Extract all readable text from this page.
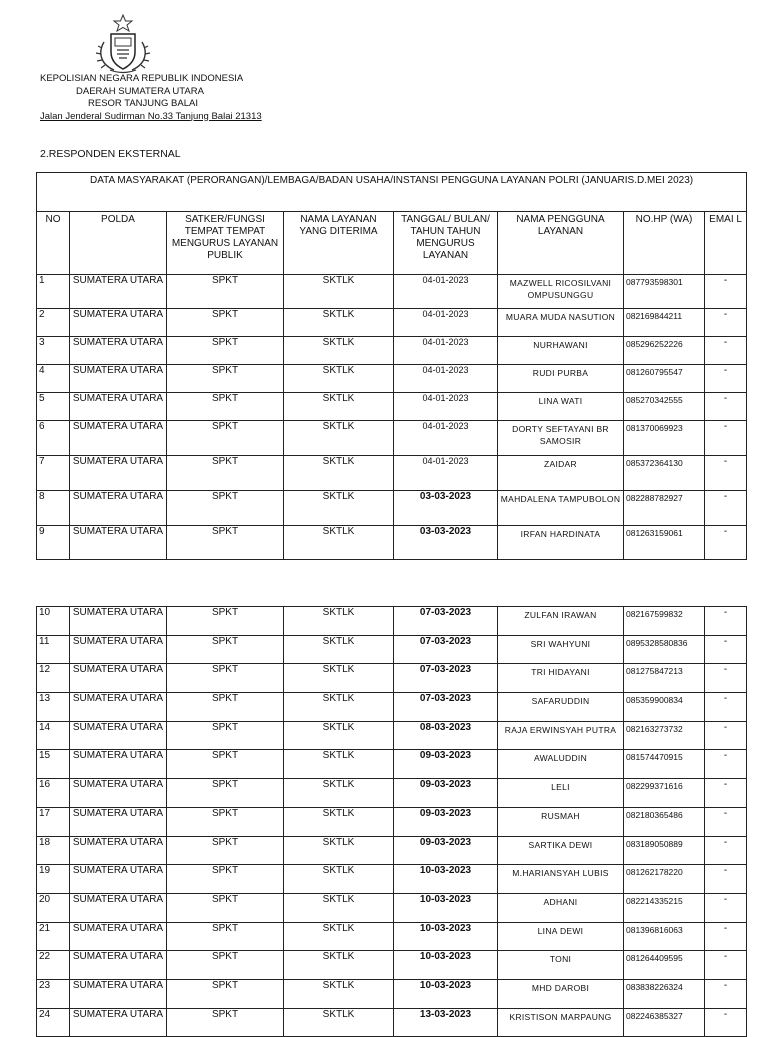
KEPOLISIAN NEGARA REPUBLIK INDONESIA
DAERAH SUMATERA UTARA
RESOR TANJUNG BALAI
Jalan Jenderal Sudirman No.33 Tanjung Balai 21313
2.RESPONDEN EKSTERNAL
DATA MASYARAKAT (PERORANGAN)/LEMBAGA/BADAN USAHA/INSTANSI PENGGUNA LAYANAN POLRI (JANUARIS.D.MEI 2023)							
NO	POLDA	SATKER/FUNGSI TEMPAT TEMPAT MENGURUS LAYANAN PUBLIK	NAMA LAYANAN YANG DITERIMA	TANGGAL/ BULAN/ TAHUN TAHUN MENGURUS LAYANAN	NAMA PENGGUNA LAYANAN	NO.HP (WA)	EMAI L
1	SUMATERA UTARA	SPKT	SKTLK	04-01-2023	MAZWELL RICOSILVANI OMPUSUNGGU	087793598301	-
2	SUMATERA UTARA	SPKT	SKTLK	04-01-2023	MUARA MUDA NASUTION	082169844211	-
3	SUMATERA UTARA	SPKT	SKTLK	04-01-2023	NURHAWANI	085296252226	-
4	SUMATERA UTARA	SPKT	SKTLK	04-01-2023	RUDI PURBA	081260795547	-
5	SUMATERA UTARA	SPKT	SKTLK	04-01-2023	LINA WATI	085270342555	-
6	SUMATERA UTARA	SPKT	SKTLK	04-01-2023	DORTY SEFTAYANI BR SAMOSIR	081370069923	-
7	SUMATERA UTARA	SPKT	SKTLK	04-01-2023	ZAIDAR	085372364130	-
8	SUMATERA UTARA	SPKT	SKTLK	03-03-2023	MAHDALENA TAMPUBOLON	082288782927	-
9	SUMATERA UTARA	SPKT	SKTLK	03-03-2023	IRFAN HARDINATA	081263159061	-
10	SUMATERA UTARA	SPKT	SKTLK	07-03-2023	ZULFAN IRAWAN	082167599832	-
11	SUMATERA UTARA	SPKT	SKTLK	07-03-2023	SRI WAHYUNI	0895328580836	-
12	SUMATERA UTARA	SPKT	SKTLK	07-03-2023	TRI HIDAYANI	081275847213	-
13	SUMATERA UTARA	SPKT	SKTLK	07-03-2023	SAFARUDDIN	085359900834	-
14	SUMATERA UTARA	SPKT	SKTLK	08-03-2023	RAJA ERWINSYAH PUTRA	082163273732	-
15	SUMATERA UTARA	SPKT	SKTLK	09-03-2023	AWALUDDIN	081574470915	-
16	SUMATERA UTARA	SPKT	SKTLK	09-03-2023	LELI	082299371616	-
17	SUMATERA UTARA	SPKT	SKTLK	09-03-2023	RUSMAH	082180365486	-
18	SUMATERA UTARA	SPKT	SKTLK	09-03-2023	SARTIKA DEWI	083189050889	-
19	SUMATERA UTARA	SPKT	SKTLK	10-03-2023	M.HARIANSYAH LUBIS	081262178220	-
20	SUMATERA UTARA	SPKT	SKTLK	10-03-2023	ADHANI	082214335215	-
21	SUMATERA UTARA	SPKT	SKTLK	10-03-2023	LINA DEWI	081396816063	-
22	SUMATERA UTARA	SPKT	SKTLK	10-03-2023	TONI	081264409595	-
23	SUMATERA UTARA	SPKT	SKTLK	10-03-2023	MHD DAROBI	083838226324	-
24	SUMATERA UTARA	SPKT	SKTLK	13-03-2023	KRISTISON MARPAUNG	082246385327	-
